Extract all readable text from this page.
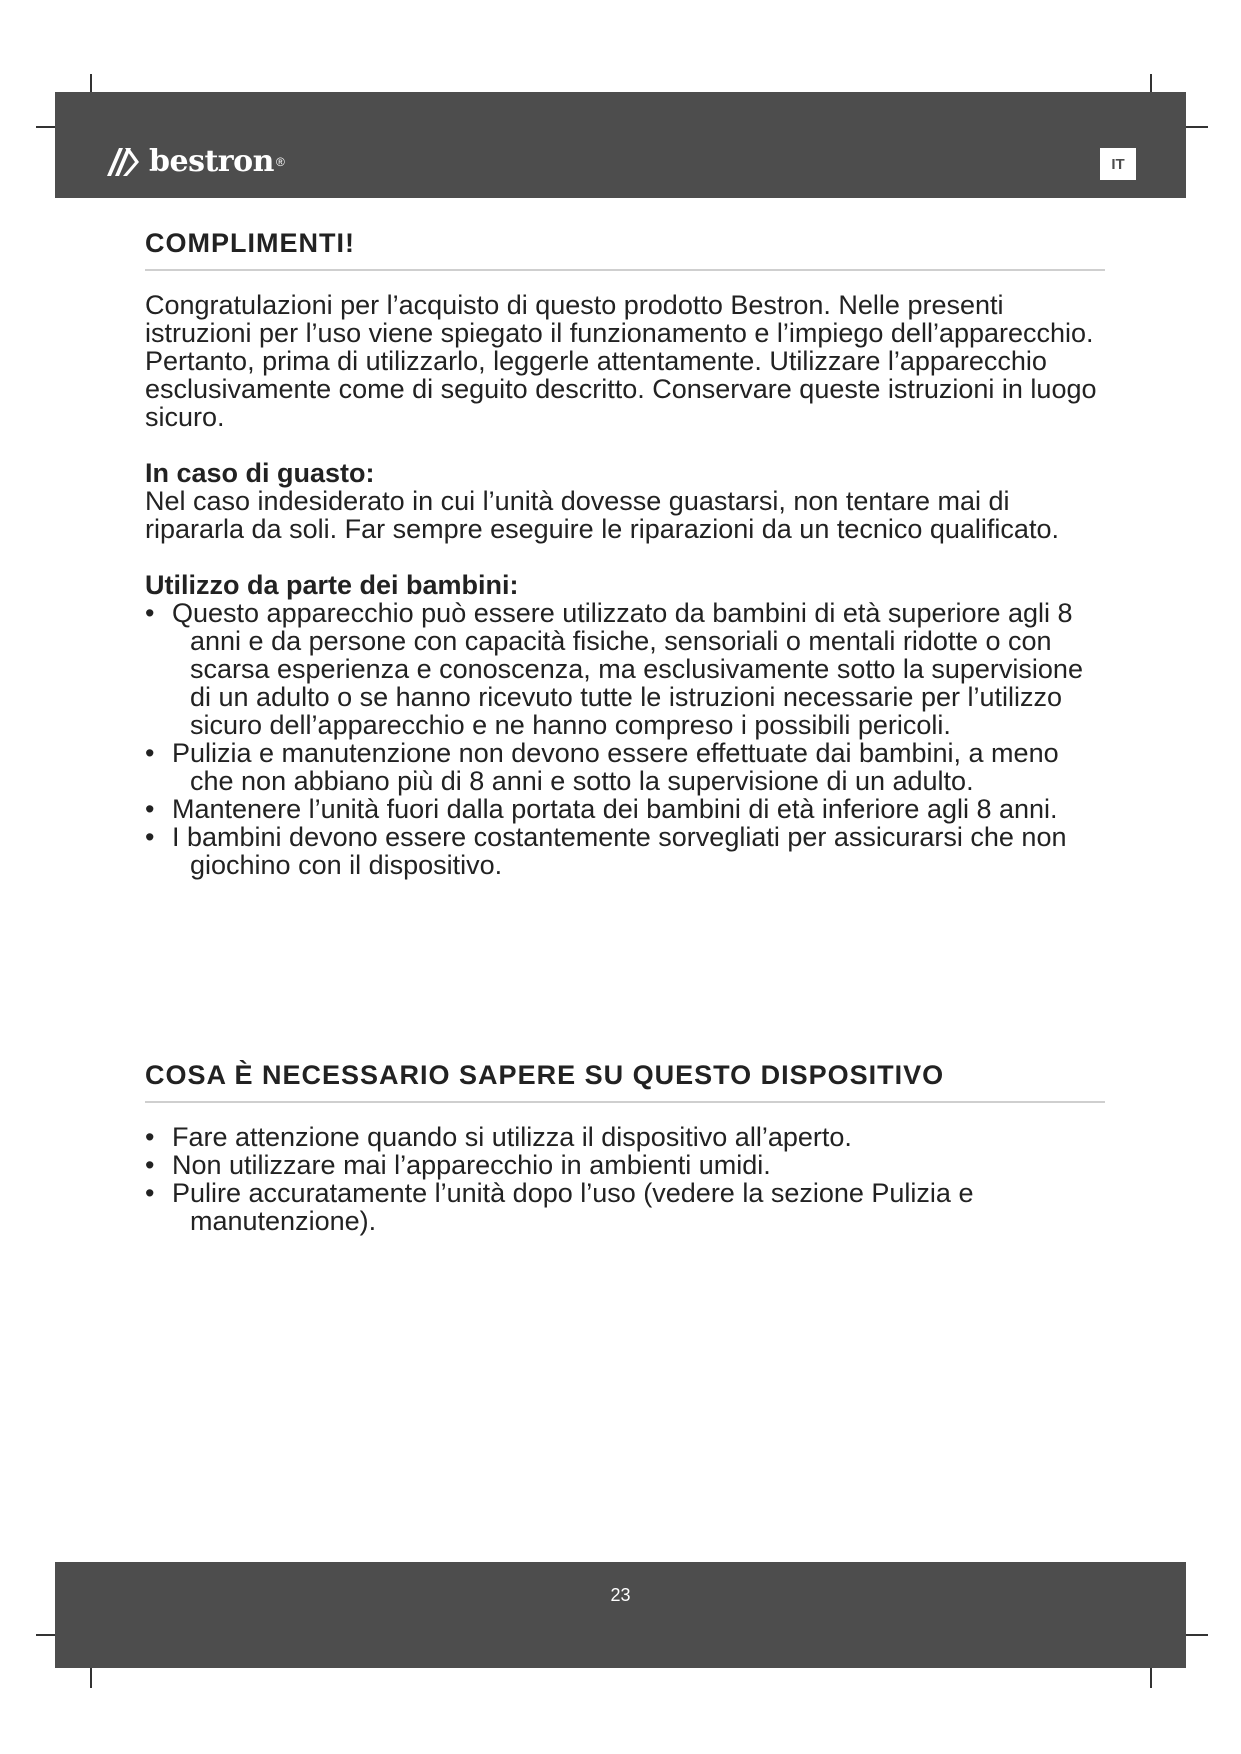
bestron ®	IT
COMPLIMENTI!

Congratulazioni per l’acquisto di questo prodotto Bestron. Nelle presenti istruzioni per l’uso viene spiegato il funzionamento e l’impiego dell’apparecchio. Pertanto, prima di utilizzarlo, leggerle attentamente. Utilizzare l’apparecchio esclusivamente come di seguito descritto. Conservare queste istruzioni in luogo sicuro.

In caso di guasto:

Nel caso indesiderato in cui l’unità dovesse guastarsi, non tentare mai di ripararla da soli. Far sempre eseguire le riparazioni da un tecnico qualificato.

Utilizzo da parte dei bambini:

• Questo apparecchio può essere utilizzato da bambini di età superiore agli 8 anni e da persone con capacità fisiche, sensoriali o mentali ridotte o con scarsa esperienza e conoscenza, ma esclusivamente sotto la supervisione di un adulto o se hanno ricevuto tutte le istruzioni necessarie per l’utilizzo sicuro dell’apparecchio e ne hanno compreso i possibili pericoli.
• Pulizia e manutenzione non devono essere effettuate dai bambini, a meno che non abbiano più di 8 anni e sotto la supervisione di un adulto.
• Mantenere l’unità fuori dalla portata dei bambini di età inferiore agli 8 anni.
• I bambini devono essere costantemente sorvegliati per assicurarsi che non giochino con il dispositivo.
COSA È NECESSARIO SAPERE SU QUESTO DISPOSITIVO
• Fare attenzione quando si utilizza il dispositivo all’aperto.
• Non utilizzare mai l’apparecchio in ambienti umidi.
• Pulire accuratamente l’unità dopo l’uso (vedere la sezione Pulizia e manutenzione).
23
